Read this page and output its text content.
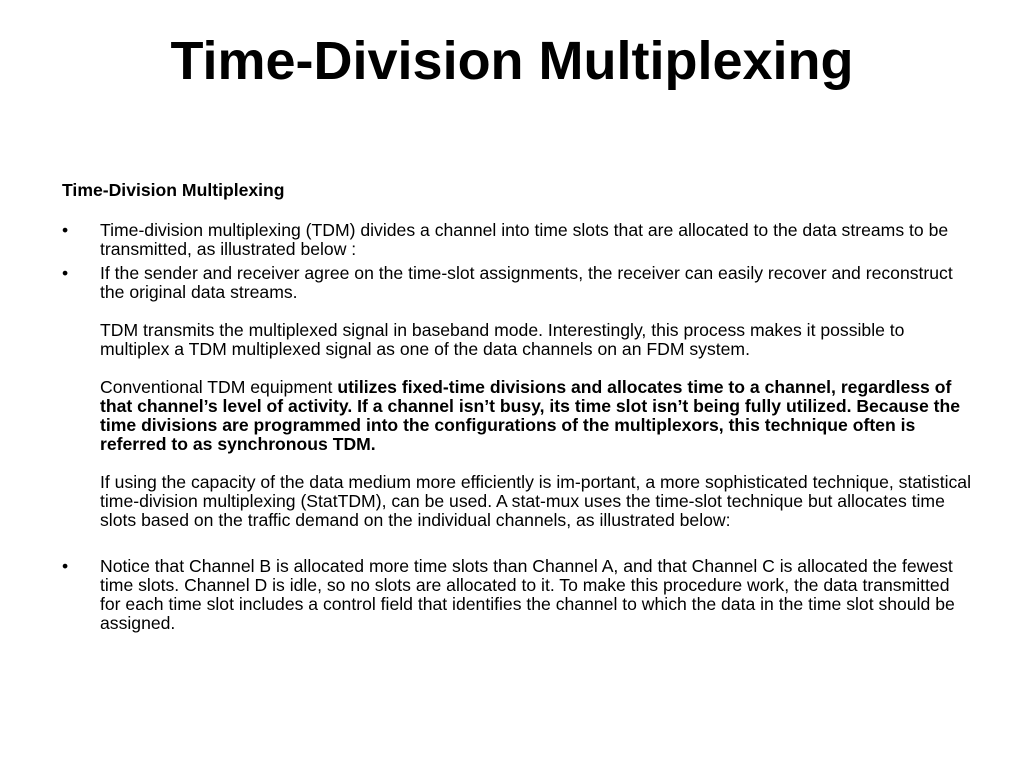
Time-Division Multiplexing
Time-Division Multiplexing
• Time-division multiplexing (TDM) divides a channel into time slots that are allocated to the data streams to be transmitted, as illustrated below :
• If the sender and receiver agree on the time-slot assignments, the receiver can easily recover and reconstruct the original data streams.
TDM transmits the multiplexed signal in baseband mode. Interestingly, this process makes it possible to multiplex a TDM multiplexed signal as one of the data channels on an FDM system.
Conventional TDM equipment utilizes fixed-time divisions and allocates time to a channel, regardless of that channel’s level of activity. If a channel isn’t busy, its time slot isn’t being fully utilized. Because the time divisions are programmed into the configurations of the multiplexors, this technique often is referred to as synchronous TDM.
If using the capacity of the data medium more efficiently is im-portant, a more sophisticated technique, statistical time-division multiplexing (StatTDM), can be used. A stat-mux uses the time-slot technique but allocates time slots based on the traffic demand on the individual channels, as illustrated below:
• Notice that Channel B is allocated more time slots than Channel A, and that Channel C is allocated the fewest time slots. Channel D is idle, so no slots are allocated to it. To make this procedure work, the data transmitted for each time slot includes a control field that identifies the channel to which the data in the time slot should be assigned.
